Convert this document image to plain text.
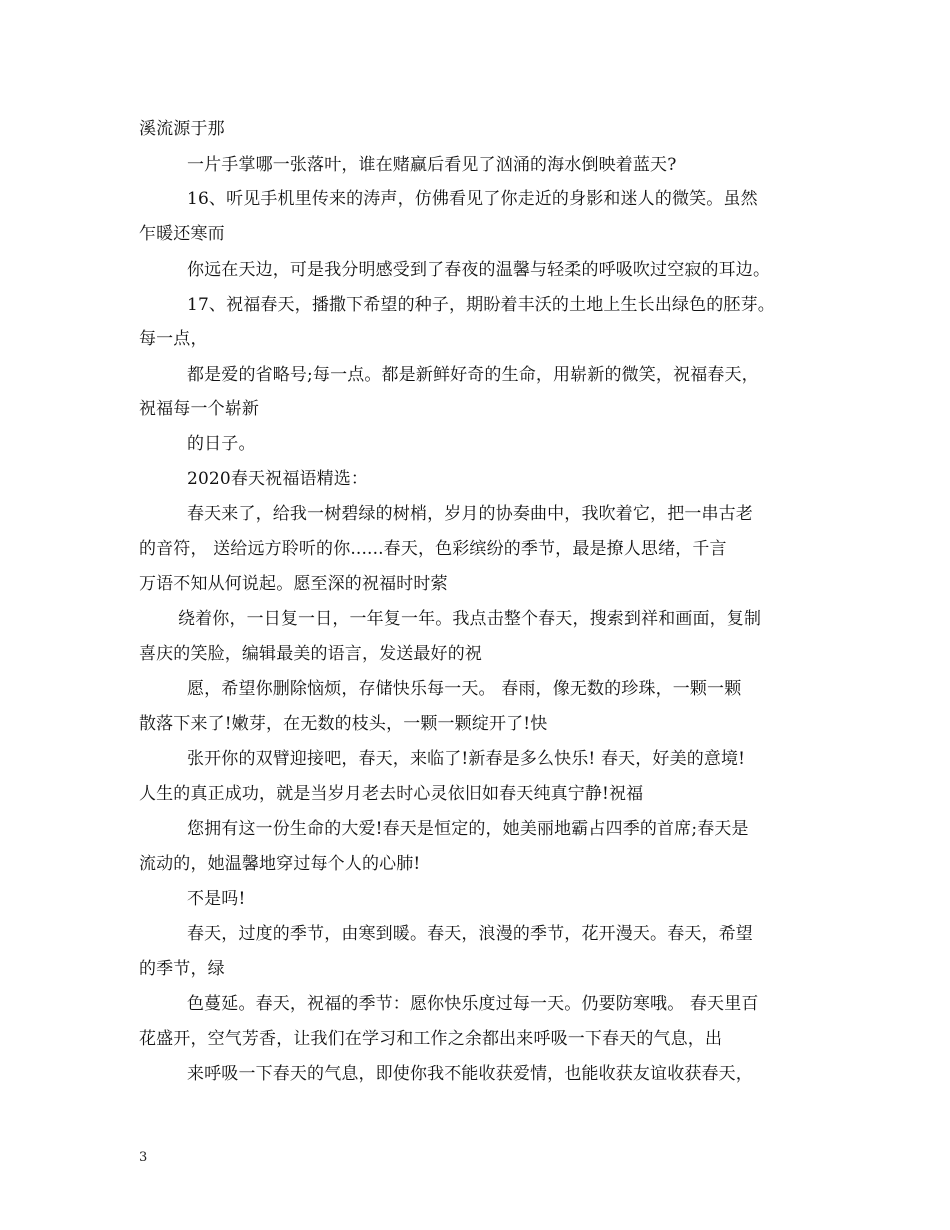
溪流源于那
一片手掌哪一张落叶，谁在赌赢后看见了汹涌的海水倒映着蓝天?
16、听见手机里传来的涛声，仿佛看见了你走近的身影和迷人的微笑。虽然
乍暖还寒而
你远在天边，可是我分明感受到了春夜的温馨与轻柔的呼吸吹过空寂的耳边。
17、祝福春天，播撒下希望的种子，期盼着丰沃的土地上生长出绿色的胚芽。
每一点，
都是爱的省略号;每一点。都是新鲜好奇的生命，用崭新的微笑，祝福春天，
祝福每一个崭新
的日子。
2020春天祝福语精选：
春天来了，给我一树碧绿的树梢，岁月的协奏曲中，我吹着它，把一串古老
的音符， 送给远方聆听的你......春天，色彩缤纷的季节，最是撩人思绪，千言
万语不知从何说起。愿至深的祝福时时萦
绕着你，一日复一日，一年复一年。我点击整个春天，搜索到祥和画面，复制
喜庆的笑脸，编辑最美的语言，发送最好的祝
愿，希望你删除恼烦，存储快乐每一天。 春雨，像无数的珍珠，一颗一颗
散落下来了!嫩芽，在无数的枝头，一颗一颗绽开了!快
张开你的双臂迎接吧，春天，来临了!新春是多么快乐! 春天，好美的意境!
人生的真正成功，就是当岁月老去时心灵依旧如春天纯真宁静!祝福
您拥有这一份生命的大爱!春天是恒定的，她美丽地霸占四季的首席;春天是
流动的，她温馨地穿过每个人的心肺!
不是吗!
春天，过度的季节，由寒到暖。春天，浪漫的季节，花开漫天。春天，希望
的季节，绿
色蔓延。春天，祝福的季节：愿你快乐度过每一天。仍要防寒哦。 春天里百
花盛开，空气芳香，让我们在学习和工作之余都出来呼吸一下春天的气息，出
来呼吸一下春天的气息，即使你我不能收获爱情，也能收获友谊收获春天，
3
